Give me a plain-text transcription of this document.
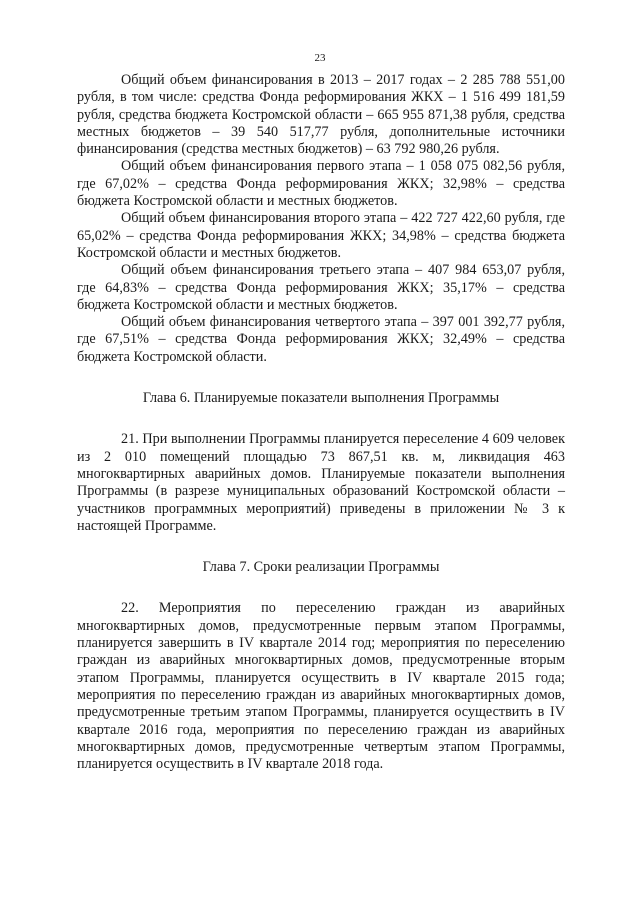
23

Общий объем финансирования в 2013 – 2017 годах – 2 285 788 551,00 рубля, в том числе: средства Фонда реформирования ЖКХ – 1 516 499 181,59 рубля, средства бюджета Костромской области – 665 955 871,38 рубля, средства местных бюджетов – 39 540 517,77 рубля, дополнительные источники финансирования (средства местных бюджетов) – 63 792 980,26 рубля.

Общий объем финансирования первого этапа – 1 058 075 082,56 рубля, где 67,02% – средства Фонда реформирования ЖКХ; 32,98% – средства бюджета Костромской области и местных бюджетов.

Общий объем финансирования второго этапа – 422 727 422,60 рубля, где 65,02% – средства Фонда реформирования ЖКХ; 34,98% – средства бюджета Костромской области и местных бюджетов.

Общий объем финансирования третьего этапа – 407 984 653,07 рубля, где 64,83% – средства Фонда реформирования ЖКХ; 35,17% – средства бюджета Костромской области и местных бюджетов.

Общий объем финансирования четвертого этапа – 397 001 392,77 рубля, где 67,51% – средства Фонда реформирования ЖКХ; 32,49% – средства бюджета Костромской области.

Глава 6. Планируемые показатели выполнения Программы

21. При выполнении Программы планируется переселение 4 609 человек из 2 010 помещений площадью 73 867,51 кв. м, ликвидация 463 многоквартирных аварийных домов. Планируемые показатели выполнения Программы (в разрезе муниципальных образований Костромской области – участников программных мероприятий) приведены в приложении № 3 к настоящей Программе.

Глава 7. Сроки реализации Программы

22. Мероприятия по переселению граждан из аварийных многоквартирных домов, предусмотренные первым этапом Программы, планируется завершить в IV квартале 2014 год; мероприятия по переселению граждан из аварийных многоквартирных домов, предусмотренные вторым этапом Программы, планируется осуществить в IV квартале 2015 года; мероприятия по переселению граждан из аварийных многоквартирных домов, предусмотренные третьим этапом Программы, планируется осуществить в IV квартале 2016 года, мероприятия по переселению граждан из аварийных многоквартирных домов, предусмотренные четвертым этапом Программы, планируется осуществить в IV квартале 2018 года.
